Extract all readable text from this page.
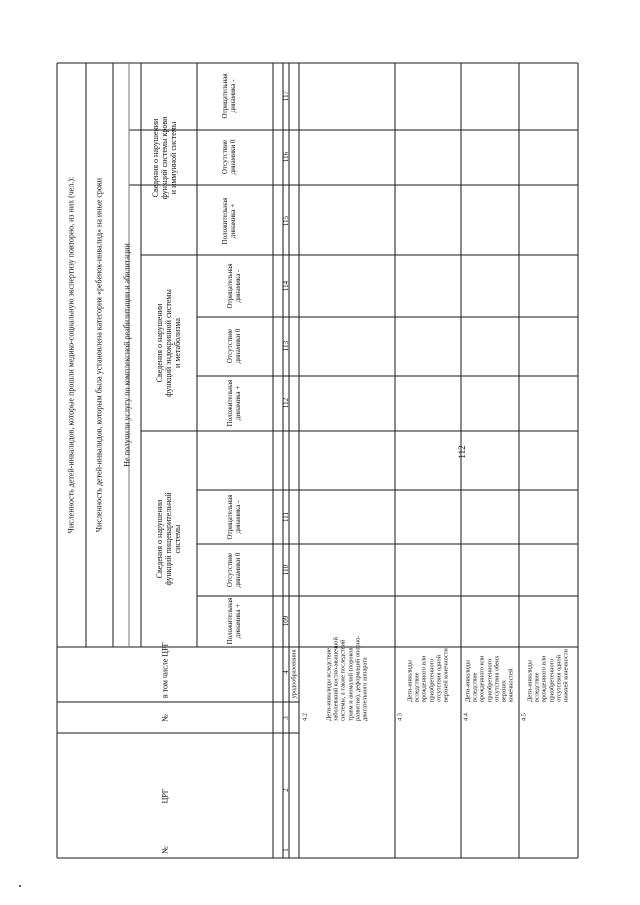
112
Численность детей-инвалидов, которые прошли медико-социальную экспертизу повторно, из них (чел.): Численность детей-инвалидов, которым была установлена категория «ребенок-инвалид» на иные сроки Не получили услугу по комплексной реабилитации и абилитации
Сведения о нарушении функций пищеварительной системы
Сведения о нарушении функций эндокринной системы и метаболизма
Сведения о нарушении функций системы крови и иммунной системы
Положительная динамика +
Отсутствие динамики 0
Отрицательная динамика -
Положительная динамика +
Отсутствие динамики 0
Отрицательная динамика -
Положительная динамика +
Отсутствие динамики 0
Отрицательная динамика -
109
110
111
112
113
114
115
116
117
№
ЦРГ
№
в том числе ЦРГ
1
2
3
4 уродообразования
4.2	Дети-инвалиды вследствие заболеваний костно-мышечной системы, а также последствий травм и аномалий (пороков развития), деформаций опорно-двигательного аппарата	4.3
Дети-инвалиды вследствие врожденного или приобретенного отсутствия одной верхней конечности
4.4
Дети-инвалиды вследствие врожденного или приобретенного отсутствия обеих верхних конечностей
4.5
Дети-инвалиды вследствие врожденного или приобретенного отсутствия одной нижней конечности
